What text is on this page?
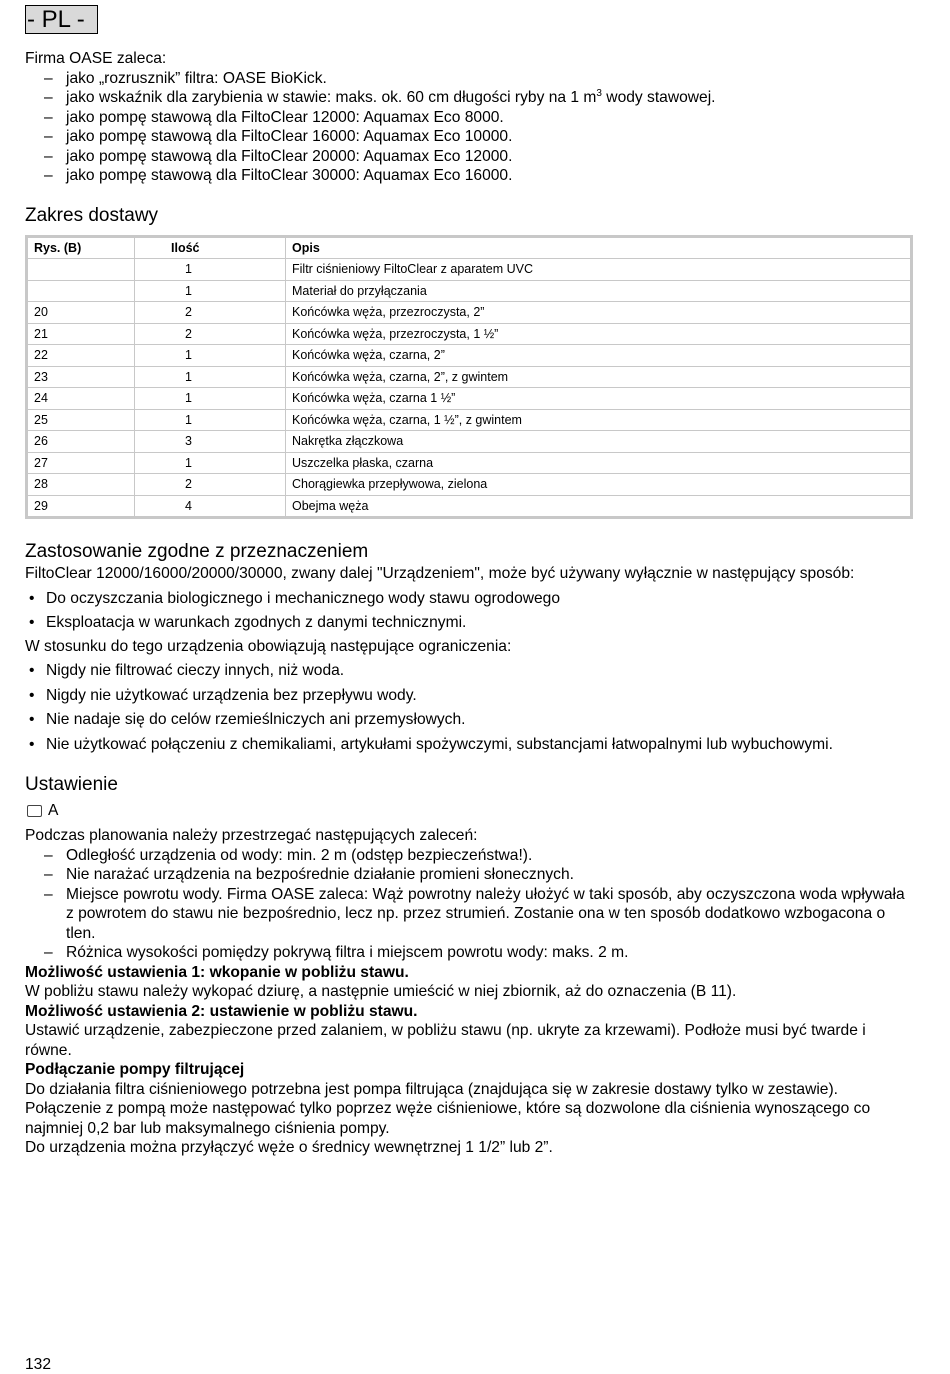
- PL -

Firma OASE zaleca:

– jako „rozrusznik” filtra: OASE BioKick.
– jako wskaźnik dla zarybienia w stawie: maks. ok. 60 cm długości ryby na 1 $m^3$ wody stawowej.
– jako pompę stawową dla FiltoClear 12000: Aquamax Eco 8000.
– jako pompę stawową dla FiltoClear 16000: Aquamax Eco 10000.
– jako pompę stawową dla FiltoClear 20000: Aquamax Eco 12000.
– jako pompę stawową dla FiltoClear 30000: Aquamax Eco 16000.
Zakres dostawy
Rys. (B)	Ilość	Opis
	1	Filtr ciśnieniowy FiltoClear z aparatem UVC
	1	Materiał do przyłączania
20	2	Końcówka węża, przezroczysta, 2”
21	2	Końcówka węża, przezroczysta, 1 ½”
22	1	Końcówka węża, czarna, 2”
23	1	Końcówka węża, czarna, 2”, z gwintem
24	1	Końcówka węża, czarna 1 ½”
25	1	Końcówka węża, czarna, 1 ½”, z gwintem
26	3	Nakrętka złączkowa
27	1	Uszczelka płaska, czarna
28	2	Chorągiewka przepływowa, zielona
29	4	Obejma węża
Zastosowanie zgodne z przeznaczeniem

FiltoClear 12000/16000/20000/30000, zwany dalej "Urządzeniem", może być używany wyłącznie w następujący sposób:

• Do oczyszczania biologicznego i mechanicznego wody stawu ogrodowego
• Eksploatacja w warunkach zgodnych z danymi technicznymi.

W stosunku do tego urządzenia obowiązują następujące ograniczenia:

• Nigdy nie filtrować cieczy innych, niż woda.
• Nigdy nie użytkować urządzenia bez przepływu wody.
• Nie nadaje się do celów rzemieślniczych ani przemysłowych.
• Nie użytkować połączeniu z chemikaliami, artykułami spożywczymi, substancjami łatwopalnymi lub wybuchowymi.
Ustawienie
A

Podczas planowania należy przestrzegać następujących zaleceń:

– Odległość urządzenia od wody: min. 2 m (odstęp bezpieczeństwa!).
– Nie narażać urządzenia na bezpośrednie działanie promieni słonecznych.
– Miejsce powrotu wody. Firma OASE zaleca: Wąż powrotny należy ułożyć w taki sposób, aby oczyszczona woda wpływała z powrotem do stawu nie bezpośrednio, lecz np. przez strumień. Zostanie ona w ten sposób dodatkowo wzbogacona o tlen.
– Różnica wysokości pomiędzy pokrywą filtra i miejscem powrotu wody: maks. 2 m.

Możliwość ustawienia 1: wkopanie w pobliżu stawu.

W pobliżu stawu należy wykopać dziurę, a następnie umieścić w niej zbiornik, aż do oznaczenia (B 11).

Możliwość ustawienia 2: ustawienie w pobliżu stawu.

Ustawić urządzenie, zabezpieczone przed zalaniem, w pobliżu stawu (np. ukryte za krzewami). Podłoże musi być twarde i równe.

Podłączanie pompy filtrującej

Do działania filtra ciśnieniowego potrzebna jest pompa filtrująca (znajdująca się w zakresie dostawy tylko w zestawie). Połączenie z pompą może następować tylko poprzez węże ciśnieniowe, które są dozwolone dla ciśnienia wynoszącego co najmniej 0,2 bar lub maksymalnego ciśnienia pompy.

Do urządzenia można przyłączyć węże o średnicy wewnętrznej 1 1/2” lub 2”.

132
